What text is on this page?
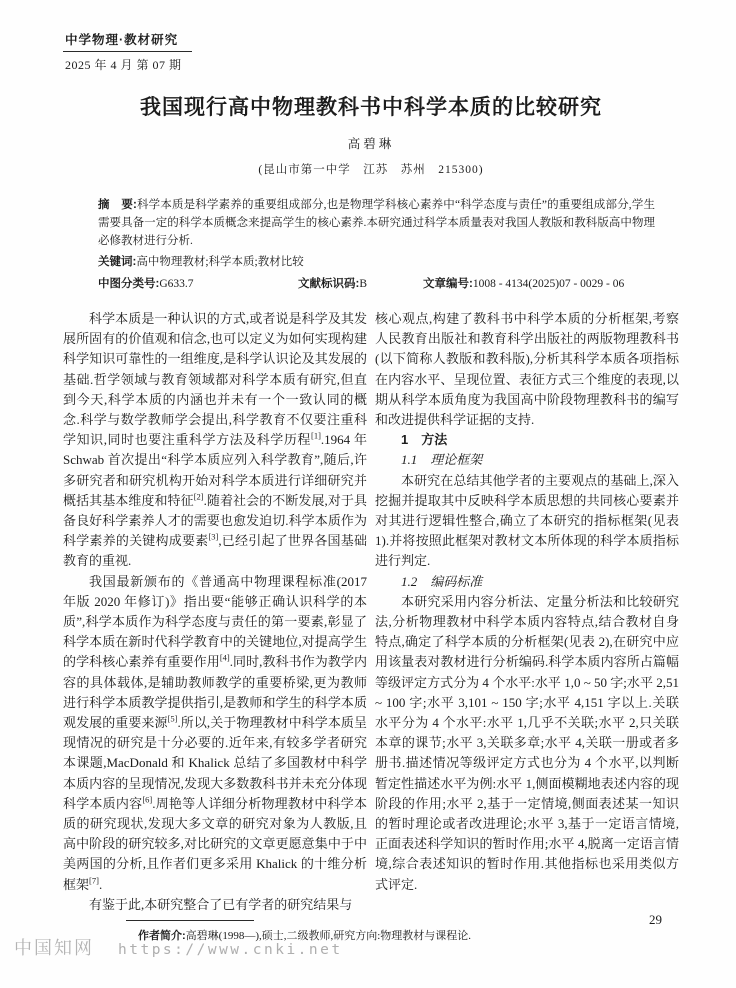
中学物理·教材研究
2025 年 4 月 第 07 期
我国现行高中物理教科书中科学本质的比较研究
高碧琳
(昆山市第一中学　江苏　苏州　215300)
摘　要:科学本质是科学素养的重要组成部分,也是物理学科核心素养中“科学态度与责任”的重要组成部分,学生需要具备一定的科学本质概念来提高学生的核心素养.本研究通过科学本质量表对我国人教版和教科版高中物理必修教材进行分析.
关键词:高中物理教材;科学本质;教材比较
中图分类号:G633.7	文献标识码:B	文章编号:1008 - 4134(2025)07 - 0029 - 06

科学本质是一种认识的方式,或者说是科学及其发展所固有的价值观和信念,也可以定义为如何实现构建科学知识可靠性的一组维度,是科学认识论及其发展的基础.哲学领域与教育领域都对科学本质有研究,但直到今天,科学本质的内涵也并未有一个一致认同的概念.科学与数学教师学会提出,科学教育不仅要注重科学知识,同时也要注重科学方法及科学历程[1].1964 年 Schwab 首次提出“科学本质应列入科学教育”,随后,许多研究者和研究机构开始对科学本质进行详细研究并概括其基本维度和特征[2].随着社会的不断发展,对于具备良好科学素养人才的需要也愈发迫切.科学本质作为科学素养的关键构成要素[3],已经引起了世界各国基础教育的重视.

我国最新颁布的《普通高中物理课程标准(2017 年版 2020 年修订)》指出要“能够正确认识科学的本质”,科学本质作为科学态度与责任的第一要素,彰显了科学本质在新时代科学教育中的关键地位,对提高学生的学科核心素养有重要作用[4].同时,教科书作为教学内容的具体载体,是辅助教师教学的重要桥梁,更为教师进行科学本质教学提供指引,是教师和学生的科学本质观发展的重要来源[5].所以,关于物理教材中科学本质呈现情况的研究是十分必要的.近年来,有较多学者研究本课题,MacDonald 和 Khalick 总结了多国教材中科学本质内容的呈现情况,发现大多数教科书并未充分体现科学本质内容[6].周艳等人详细分析物理教材中科学本质的研究现状,发现大多文章的研究对象为人教版,且高中阶段的研究较多,对比研究的文章更愿意集中于中美两国的分析,且作者们更多采用 Khalick 的十维分析框架[7].

有鉴于此,本研究整合了已有学者的研究结果与

核心观点,构建了教科书中科学本质的分析框架,考察人民教育出版社和教育科学出版社的两版物理教科书(以下简称人教版和教科版),分析其科学本质各项指标在内容水平、呈现位置、表征方式三个维度的表现,以期从科学本质角度为我国高中阶段物理教科书的编写和改进提供科学证据的支持.

1　方法

1.1　理论框架

本研究在总结其他学者的主要观点的基础上,深入挖掘并提取其中反映科学本质思想的共同核心要素并对其进行逻辑性整合,确立了本研究的指标框架(见表 1).并将按照此框架对教材文本所体现的科学本质指标进行判定.

1.2　编码标准

本研究采用内容分析法、定量分析法和比较研究法,分析物理教材中科学本质内容特点,结合教材自身特点,确定了科学本质的分析框架(见表 2),在研究中应用该量表对教材进行分析编码.科学本质内容所占篇幅等级评定方式分为 4 个水平:水平 1,0 ~ 50 字;水平 2,51 ~ 100 字;水平 3,101 ~ 150 字;水平 4,151 字以上.关联水平分为 4 个水平:水平 1,几乎不关联;水平 2,只关联本章的课节;水平 3,关联多章;水平 4,关联一册或者多册书.描述情况等级评定方式也分为 4 个水平,以判断暂定性描述水平为例:水平 1,侧面模糊地表述内容的现阶段的作用;水平 2,基于一定情境,侧面表述某一知识的暂时理论或者改进理论;水平 3,基于一定语言情境,正面表述科学知识的暂时作用;水平 4,脱离一定语言情境,综合表述知识的暂时作用.其他指标也采用类似方式评定.

作者简介:高碧琳(1998—),硕士,二级教师,研究方向:物理教材与课程论.
29
中国知网 https://www.cnki.net
